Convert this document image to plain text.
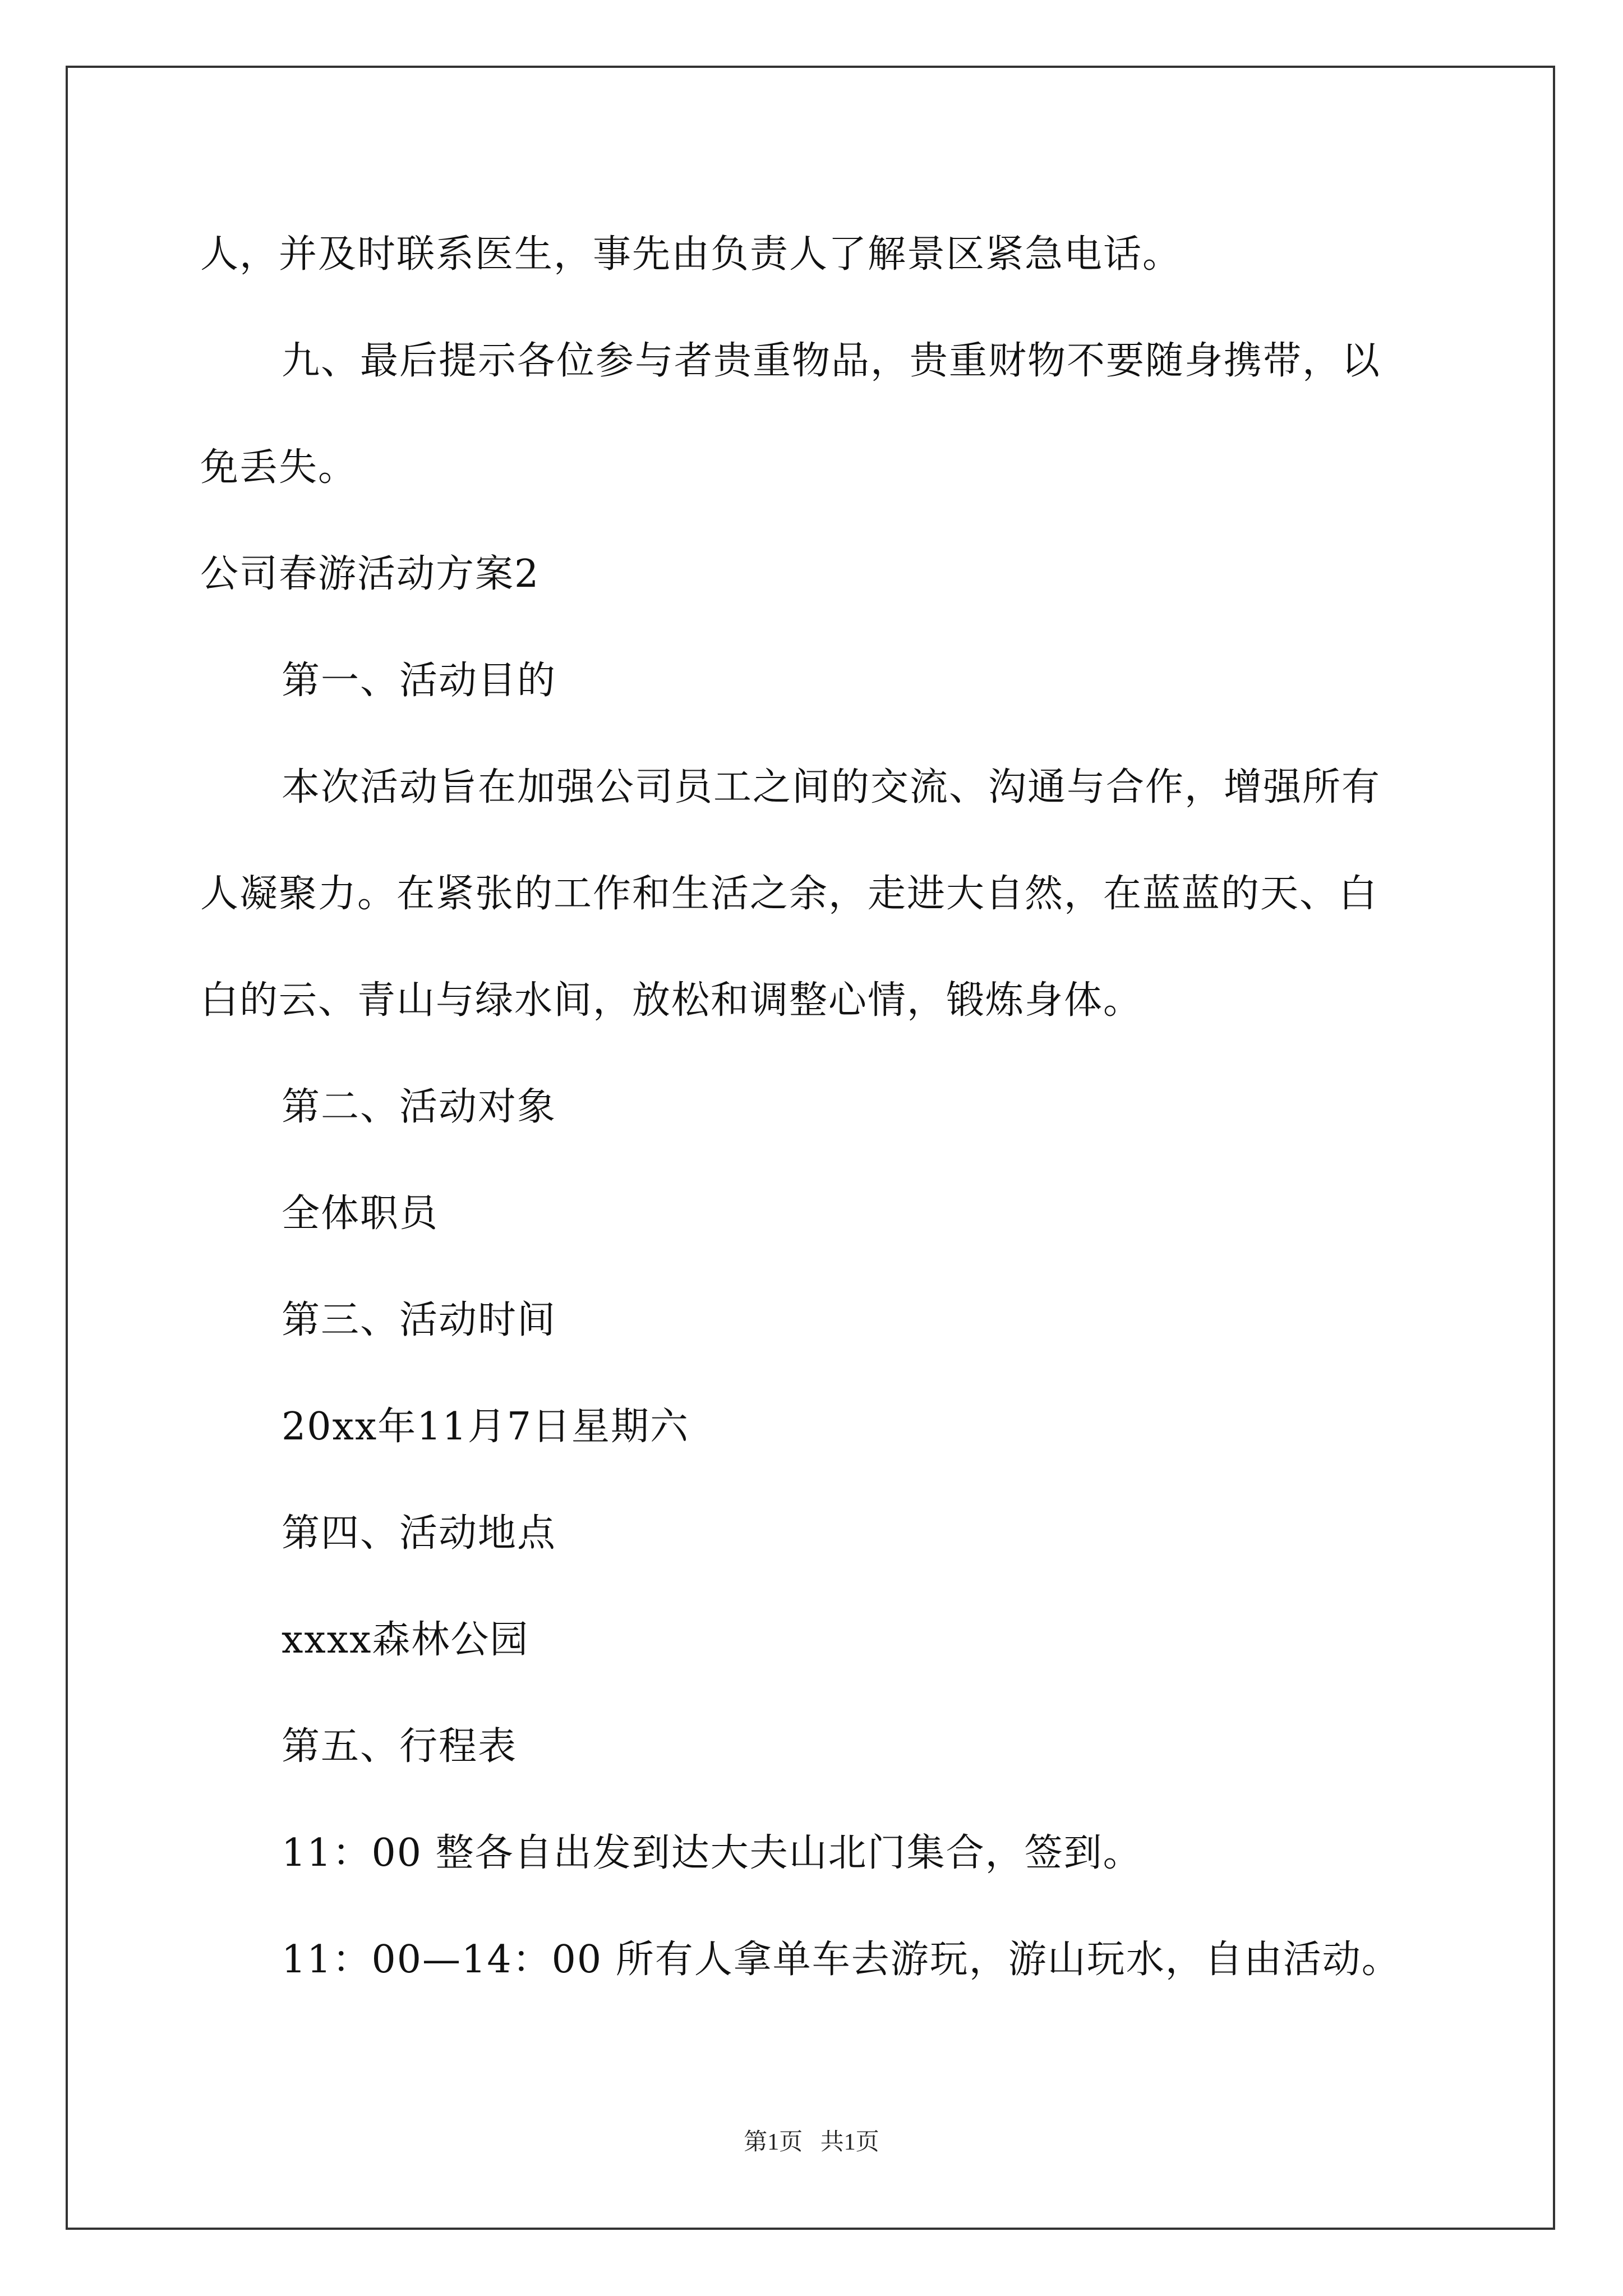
人，并及时联系医生，事先由负责人了解景区紧急电话。
九、最后提示各位参与者贵重物品，贵重财物不要随身携带，以
免丢失。
公司春游活动方案2
第一、活动目的
本次活动旨在加强公司员工之间的交流、沟通与合作，增强所有
人凝聚力。在紧张的工作和生活之余，走进大自然，在蓝蓝的天、白
白的云、青山与绿水间，放松和调整心情，锻炼身体。
第二、活动对象
全体职员
第三、活动时间
20xx年11月7日星期六
第四、活动地点
xxxx森林公园
第五、行程表
11：00 整各自出发到达大夫山北门集合，签到。
11：00—14：00 所有人拿单车去游玩，游山玩水，自由活动。
第1页   共1页
